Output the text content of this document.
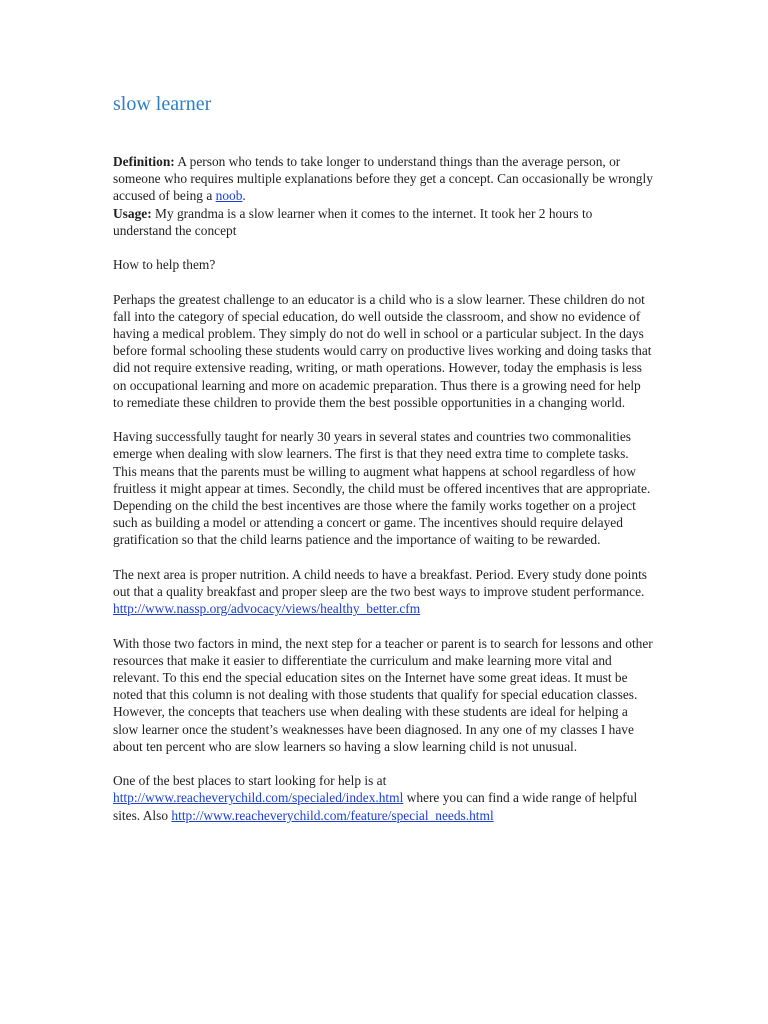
slow learner

Definition: A person who tends to take longer to understand things than the average person, or someone who requires multiple explanations before they get a concept. Can occasionally be wrongly accused of being a noob.

Usage: My grandma is a slow learner when it comes to the internet. It took her 2 hours to understand the concept

How to help them?

Perhaps the greatest challenge to an educator is a child who is a slow learner. These children do not fall into the category of special education, do well outside the classroom, and show no evidence of having a medical problem. They simply do not do well in school or a particular subject. In the days before formal schooling these students would carry on productive lives working and doing tasks that did not require extensive reading, writing, or math operations. However, today the emphasis is less on occupational learning and more on academic preparation. Thus there is a growing need for help to remediate these children to provide them the best possible opportunities in a changing world.

Having successfully taught for nearly 30 years in several states and countries two commonalities emerge when dealing with slow learners. The first is that they need extra time to complete tasks. This means that the parents must be willing to augment what happens at school regardless of how fruitless it might appear at times. Secondly, the child must be offered incentives that are appropriate. Depending on the child the best incentives are those where the family works together on a project such as building a model or attending a concert or game. The incentives should require delayed gratification so that the child learns patience and the importance of waiting to be rewarded.

The next area is proper nutrition. A child needs to have a breakfast. Period. Every study done points out that a quality breakfast and proper sleep are the two best ways to improve student performance. http://www.nassp.org/advocacy/views/healthy_better.cfm

With those two factors in mind, the next step for a teacher or parent is to search for lessons and other resources that make it easier to differentiate the curriculum and make learning more vital and relevant. To this end the special education sites on the Internet have some great ideas. It must be noted that this column is not dealing with those students that qualify for special education classes. However, the concepts that teachers use when dealing with these students are ideal for helping a slow learner once the student’s weaknesses have been diagnosed. In any one of my classes I have about ten percent who are slow learners so having a slow learning child is not unusual.

One of the best places to start looking for help is at http://www.reacheverychild.com/specialed/index.html where you can find a wide range of helpful sites. Also http://www.reacheverychild.com/feature/special_needs.html
